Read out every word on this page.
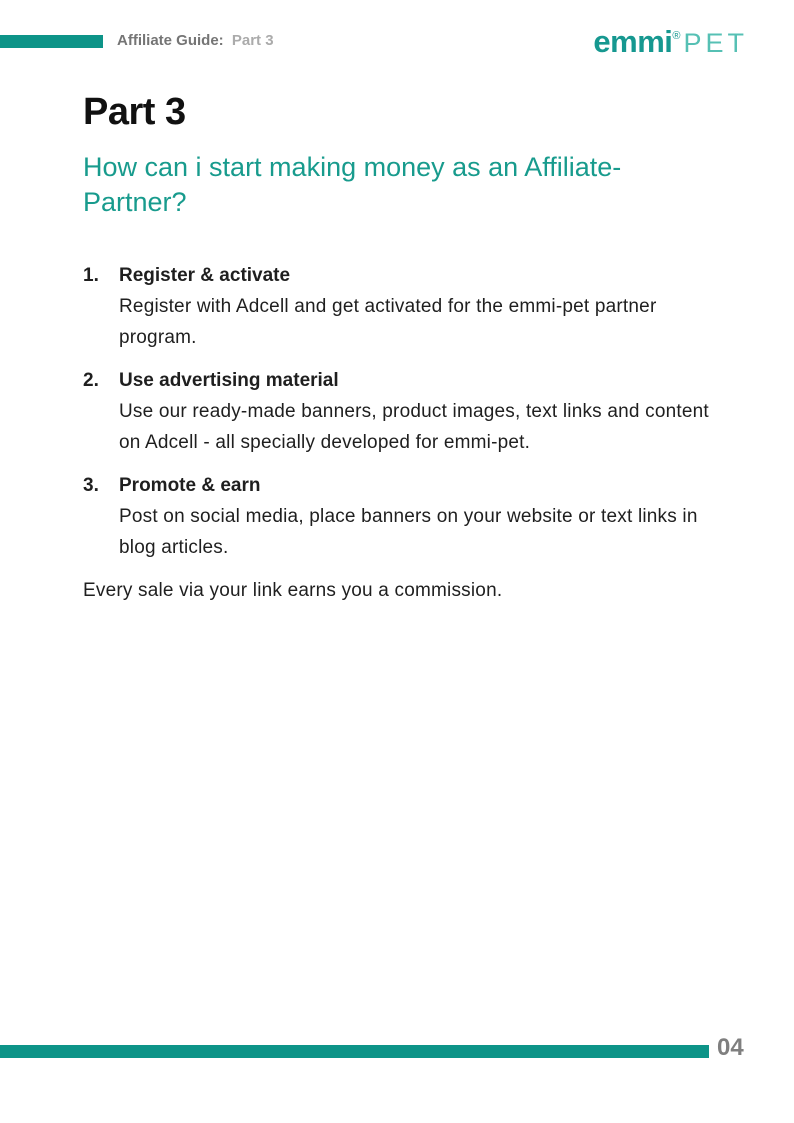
Affiliate Guide: Part 3	emmi® PET
Part 3
How can i start making money as an Affiliate-Partner?
1.	Register & activate
Register with Adcell and get activated for the emmi-pet partner program.
2.	Use advertising material
Use our ready-made banners, product images, text links and content on Adcell - all specially developed for emmi-pet.
3.	Promote & earn
Post on social media, place banners on your website or text links in blog articles.

Every sale via your link earns you a commission.

04
